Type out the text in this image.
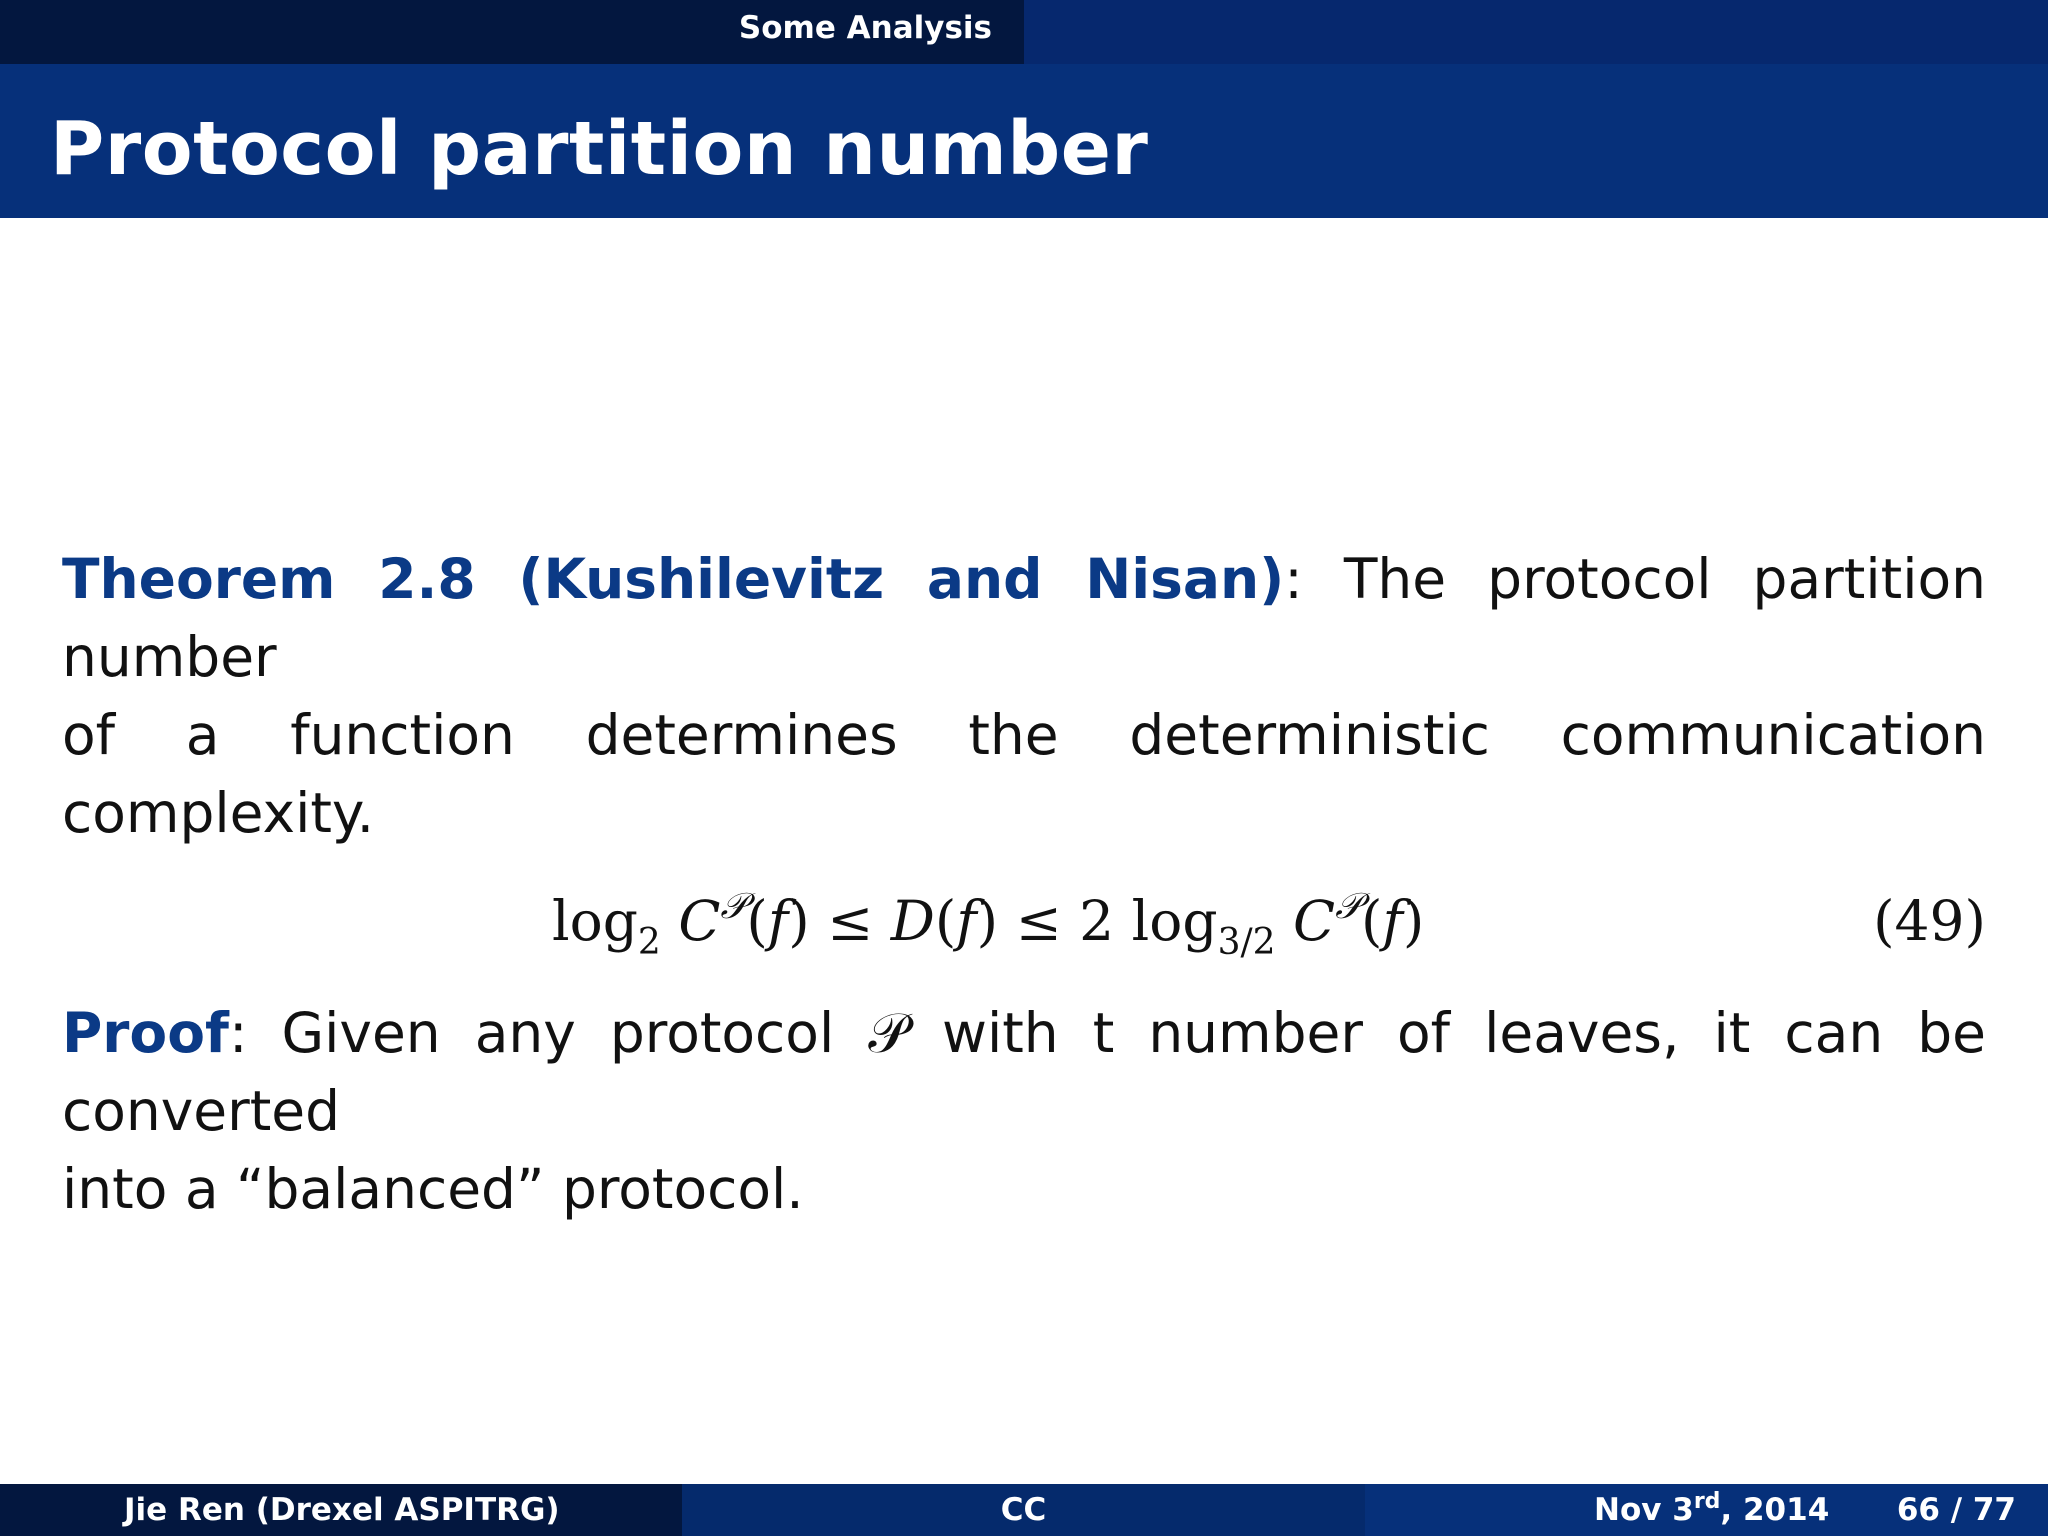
Some Analysis
Protocol partition number

Theorem 2.8 (Kushilevitz and Nisan): The protocol partition number
of a function determines the deterministic communication complexity.

$\log_2 C^𝒫(f) \le D(f) \le 2$ $\log_{3/2} C^𝒫(f)$	(49)

Proof: Given any protocol 𝒫 with t number of leaves, it can be converted
into a “balanced” protocol.

Jie Ren (Drexel ASPITRG)	CC	Nov 3rd, 2014 66 / 77
